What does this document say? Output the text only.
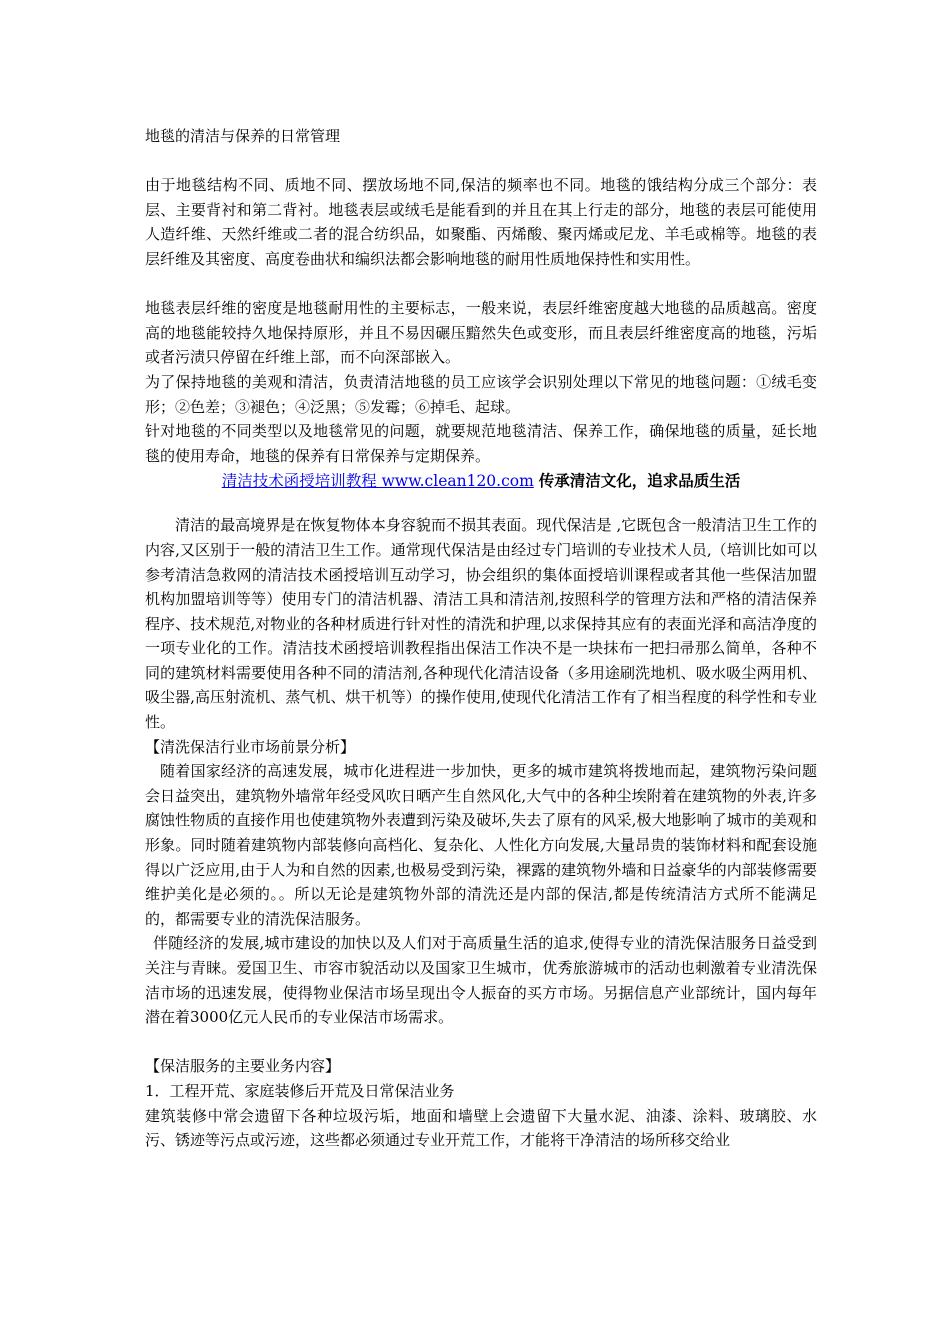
地毯的清洁与保养的日常管理

由于地毯结构不同、质地不同、摆放场地不同,保洁的频率也不同。地毯的饿结构分成三个部分：表层、主要背衬和第二背衬。地毯表层或绒毛是能看到的并且在其上行走的部分，地毯的表层可能使用人造纤维、天然纤维或二者的混合纺织品，如聚酯、丙烯酸、聚丙烯或尼龙、羊毛或棉等。地毯的表层纤维及其密度、高度卷曲状和编织法都会影响地毯的耐用性质地保持性和实用性。

地毯表层纤维的密度是地毯耐用性的主要标志，一般来说，表层纤维密度越大地毯的品质越高。密度高的地毯能较持久地保持原形，并且不易因碾压黯然失色或变形，而且表层纤维密度高的地毯，污垢或者污渍只停留在纤维上部，而不向深部嵌入。

为了保持地毯的美观和清洁，负责清洁地毯的员工应该学会识别处理以下常见的地毯问题：①绒毛变形；②色差；③褪色；④泛黑；⑤发霉；⑥掉毛、起球。

针对地毯的不同类型以及地毯常见的问题，就要规范地毯清洁、保养工作，确保地毯的质量，延长地毯的使用寿命，地毯的保养有日常保养与定期保养。

清洁技术函授培训教程 www.clean120.com 传承清洁文化，追求品质生活

清洁的最高境界是在恢复物体本身容貌而不损其表面。现代保洁是 ,它既包含一般清洁卫生工作的内容,又区别于一般的清洁卫生工作。通常现代保洁是由经过专门培训的专业技术人员,（培训比如可以参考清洁急救网的清洁技术函授培训互动学习，协会组织的集体面授培训课程或者其他一些保洁加盟机构加盟培训等等）使用专门的清洁机器、清洁工具和清洁剂,按照科学的管理方法和严格的清洁保养程序、技术规范,对物业的各种材质进行针对性的清洗和护理,以求保持其应有的表面光泽和高洁净度的一项专业化的工作。清洁技术函授培训教程指出保洁工作决不是一块抹布一把扫帚那么简单，各种不同的建筑材料需要使用各种不同的清洁剂,各种现代化清洁设备（多用途刷洗地机、吸水吸尘两用机、吸尘器,高压射流机、蒸气机、烘干机等）的操作使用,使现代化清洁工作有了相当程度的科学性和专业性。

【清洗保洁行业市场前景分析】

随着国家经济的高速发展，城市化进程进一步加快，更多的城市建筑将拨地而起，建筑物污染问题会日益突出，建筑物外墙常年经受风吹日晒产生自然风化,大气中的各种尘埃附着在建筑物的外表,许多腐蚀性物质的直接作用也使建筑物外表遭到污染及破坏,失去了原有的风采,极大地影响了城市的美观和形象。同时随着建筑物内部装修向高档化、复杂化、人性化方向发展,大量昂贵的装饰材料和配套设施得以广泛应用,由于人为和自然的因素,也极易受到污染，裸露的建筑物外墙和日益豪华的内部装修需要维护美化是必须的。。所以无论是建筑物外部的清洗还是内部的保洁,都是传统清洁方式所不能满足的，都需要专业的清洗保洁服务。

伴随经济的发展,城市建设的加快以及人们对于高质量生活的追求,使得专业的清洗保洁服务日益受到关注与青睐。爱国卫生、市容市貌活动以及国家卫生城市，优秀旅游城市的活动也刺激着专业清洗保洁市场的迅速发展，使得物业保洁市场呈现出令人振奋的买方市场。另据信息产业部统计，国内每年潜在着3000亿元人民币的专业保洁市场需求。

【保洁服务的主要业务内容】

1．工程开荒、家庭装修后开荒及日常保洁业务

建筑装修中常会遗留下各种垃圾污垢，地面和墙壁上会遗留下大量水泥、油漆、涂料、玻璃胶、水污、锈迹等污点或污迹，这些都必须通过专业开荒工作，才能将干净清洁的场所移交给业
